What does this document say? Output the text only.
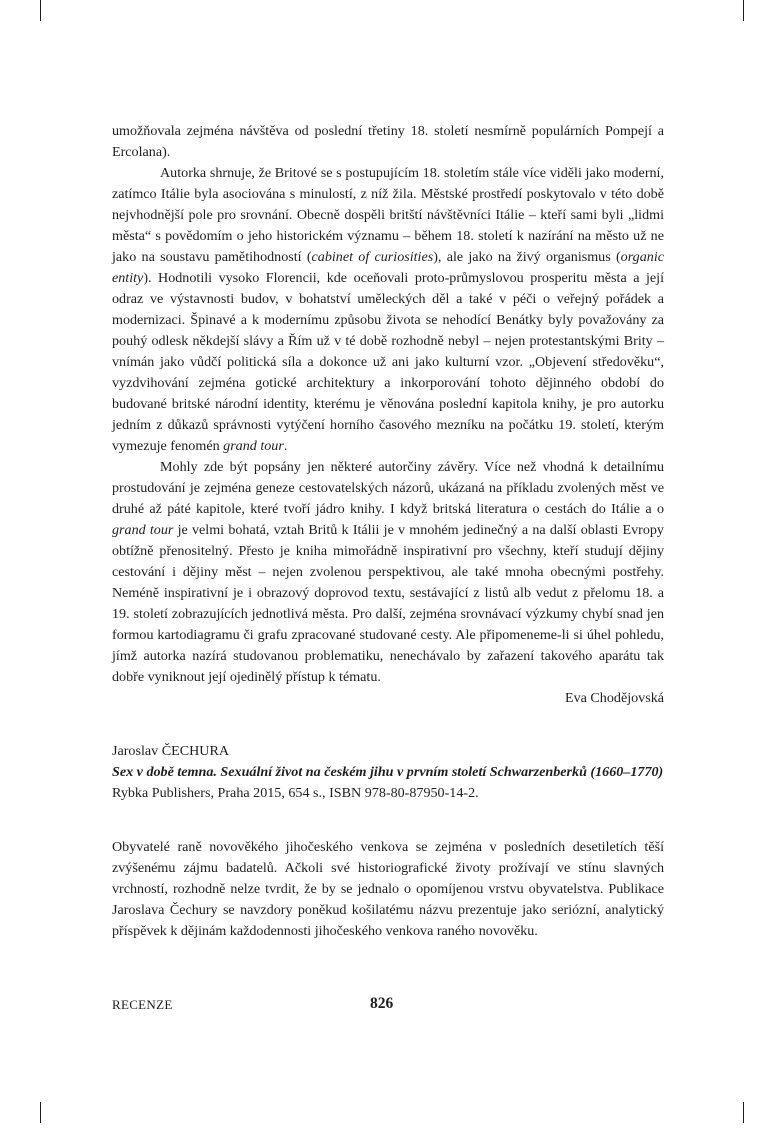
umožňovala zejména návštěva od poslední třetiny 18. století nesmírně populárních Pompejí a Ercolana).

Autorka shrnuje, že Britové se s postupujícím 18. stoletím stále více viděli jako moderní, zatímco Itálie byla asociována s minulostí, z níž žila. Městské prostředí poskytovalo v této době nejvhodnější pole pro srovnání. Obecně dospěli britští návštěvníci Itálie – kteří sami byli „lidmi města“ s povědomím o jeho historickém významu – během 18. století k nazírání na město už ne jako na soustavu pamětihodností (cabinet of curiosities), ale jako na živý organismus (organic entity). Hodnotili vysoko Florencii, kde oceňovali proto-průmyslovou prosperitu města a její odraz ve výstavnosti budov, v bohatství uměleckých děl a také v péči o veřejný pořádek a modernizaci. Špinavé a k modernímu způsobu života se nehodící Benátky byly považovány za pouhý odlesk někdejší slávy a Řím už v té době rozhodně nebyl – nejen protestantskými Brity – vnímán jako vůdčí politická síla a dokonce už ani jako kulturní vzor. „Objevení středověku“, vyzdvihování zejména gotické architektury a inkorporování tohoto dějinného období do budované britské národní identity, kterému je věnována poslední kapitola knihy, je pro autorku jedním z důkazů správnosti vytýčení horního časového mezníku na počátku 19. století, kterým vymezuje fenomén grand tour.

Mohly zde být popsány jen některé autorčiny závěry. Více než vhodná k detailnímu prostudování je zejména geneze cestovatelských názorů, ukázaná na příkladu zvolených měst ve druhé až páté kapitole, které tvoří jádro knihy. I když britská literatura o cestách do Itálie a o grand tour je velmi bohatá, vztah Britů k Itálii je v mnohém jedinečný a na další oblasti Evropy obtížně přenositelný. Přesto je kniha mimořádně inspirativní pro všechny, kteří studují dějiny cestování i dějiny měst – nejen zvolenou perspektivou, ale také mnoha obecnými postřehy. Neméně inspirativní je i obrazový doprovod textu, sestávající z listů alb vedut z přelomu 18. a 19. století zobrazujících jednotlivá města. Pro další, zejména srovnávací výzkumy chybí snad jen formou kartodiagramu či grafu zpracované studované cesty. Ale připomeneme-li si úhel pohledu, jímž autorka nazírá studovanou problematiku, nenechávalo by zařazení takového aparátu tak dobře vyniknout její ojedinělý přístup k tématu.

Eva Chodějovská

Jaroslav ČECHURA
Sex v době temna. Sexuální život na českém jihu v prvním století Schwarzenberků (1660–1770)
Rybka Publishers, Praha 2015, 654 s., ISBN 978-80-87950-14-2.

Obyvatelé raně novověkého jihočeského venkova se zejména v posledních desetiletích těší zvýšenému zájmu badatelů. Ačkoli své historiografické životy prožívají ve stínu slavných vrchností, rozhodně nelze tvrdit, že by se jednalo o opomíjenou vrstvu obyvatelstva. Publikace Jaroslava Čechury se navzdory poněkud košilatému názvu prezentuje jako seriózní, analytický příspěvek k dějinám každodennosti jihočeského venkova raného novověku.

RECENZE	826
